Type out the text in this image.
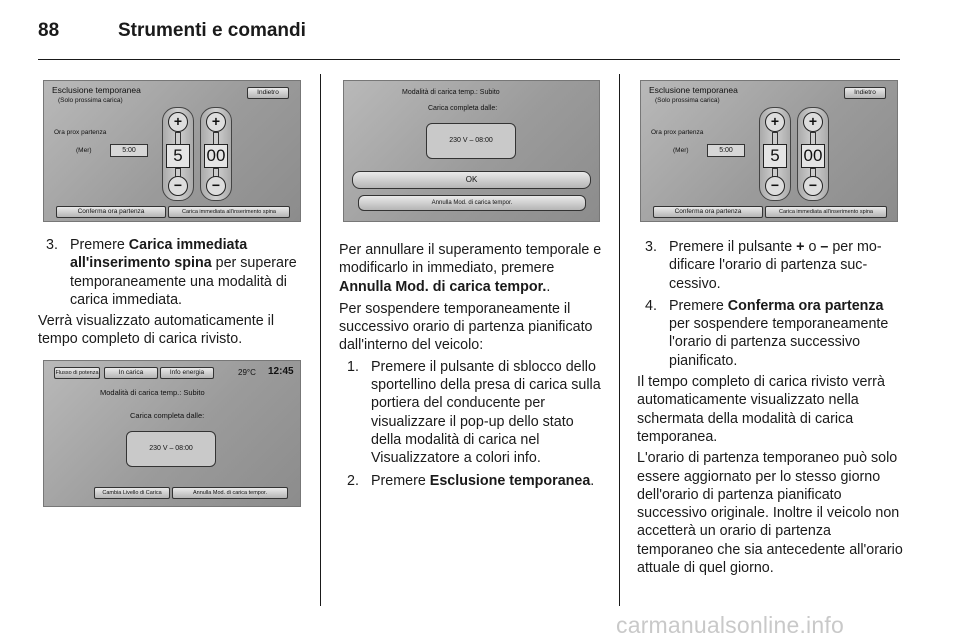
88	Strumenti e comandi
Esclusione temporanea
(Solo prossima carica)
Indietro
Ora prox partenza
(Mer)	5:00
+
5
−
+
00
−
Conferma ora partenza	Carica immediata all'inserimento spina
3. Premere Carica immediata all'inserimento spina per superare temporaneamente una modalità di carica immediata.

Verrà visualizzato automaticamente il tempo completo di carica rivisto.

Flusso di potenza	In carica	Info energia	29°C 12:45
Modalità di carica temp.: Subito
Carica completa dalle:
230 V – 08:00
Cambia Livello di Carica	Annulla Mod. di carica tempor.
Modalità di carica temp.: Subito
Carica completa dalle:
230 V – 08:00
OK
Annulla Mod. di carica tempor.

Per annullare il superamento temporale e modificarlo in immediato, premere Annulla Mod. di carica tempor..

Per sospendere temporaneamente il successivo orario di partenza pianificato dall'interno del veicolo:

1. Premere il pulsante di sblocco dello sportellino della presa di carica sulla portiera del conducente per visualizzare il pop-up dello stato della modalità di carica nel Visualizzatore a colori info.
2. Premere Esclusione temporanea.
Esclusione temporanea
(Solo prossima carica)
Indietro
Ora prox partenza
(Mer)	5:00
+
5
−
+
00
−
Conferma ora partenza	Carica immediata all'inserimento spina
3. Premere il pulsante + o – per modificare l'orario di partenza successivo.
4. Premere Conferma ora partenza per sospendere temporaneamente l'orario di partenza successivo pianificato.

Il tempo completo di carica rivisto verrà automaticamente visualizzato nella schermata della modalità di carica temporanea.

L'orario di partenza temporaneo può solo essere aggiornato per lo stesso giorno dell'orario di partenza pianificato successivo originale. Inoltre il veicolo non accetterà un orario di partenza temporaneo che sia antecedente all'orario attuale di quel giorno.

carmanualsonline.info
